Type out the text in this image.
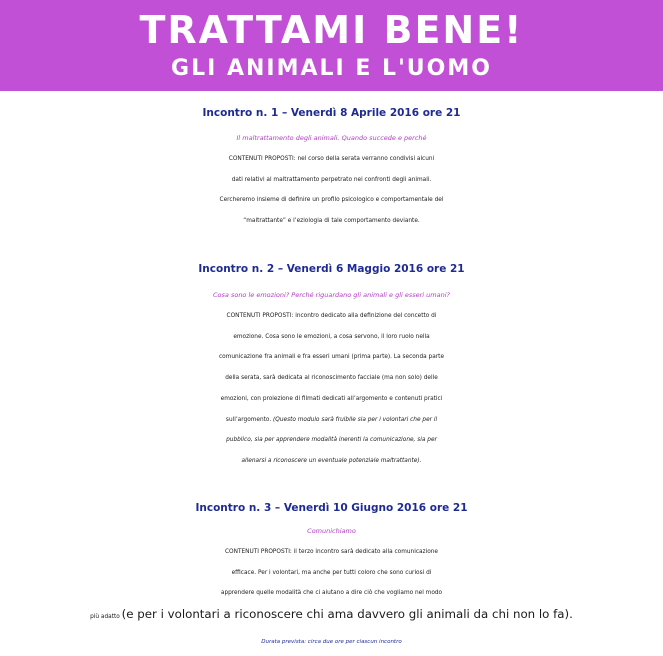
TRATTAMI BENE!
GLI ANIMALI E L'UOMO

Incontro n. 1 – Venerdì 8 Aprile 2016 ore 21

Il maltrattamento degli animali. Quando succede e perché

CONTENUTI PROPOSTI: nel corso della serata verranno condivisi alcuni

dati relativi al maltrattamento perpetrato nei confronti degli animali.

Cercheremo insieme di definire un profilo psicologico e comportamentale del

“maltrattante” e l’eziologia di tale comportamento deviante.

Incontro n. 2 – Venerdì 6 Maggio 2016 ore 21

Cosa sono le emozioni? Perché riguardano gli animali e gli esseri umani?

CONTENUTI PROPOSTI: incontro dedicato alla definizione del concetto di

emozione. Cosa sono le emozioni, a cosa servono, il loro ruolo nella

comunicazione fra animali e fra esseri umani (prima parte). La seconda parte

della serata, sarà dedicata al riconoscimento facciale (ma non solo) delle

emozioni, con proiezione di filmati dedicati all’argomento e contenuti pratici

sull’argomento. (Questo modulo sarà fruibile sia per i volontari che per il

pubblico, sia per apprendere modalità inerenti la comunicazione, sia per

allenarsi a riconoscere un eventuale potenziale maltrattante).

Incontro n. 3 – Venerdì 10 Giugno 2016 ore 21

Comunichiamo

CONTENUTI PROPOSTI: il terzo incontro sarà dedicato alla comunicazione

efficace. Per i volontari, ma anche per tutti coloro che sono curiosi di

apprendere quelle modalità che ci aiutano a dire ciò che vogliamo nel modo

più adatto (e per i volontari a riconoscere chi ama davvero gli animali da chi non lo fa).

Durata prevista: circa due ore per ciascun incontro
